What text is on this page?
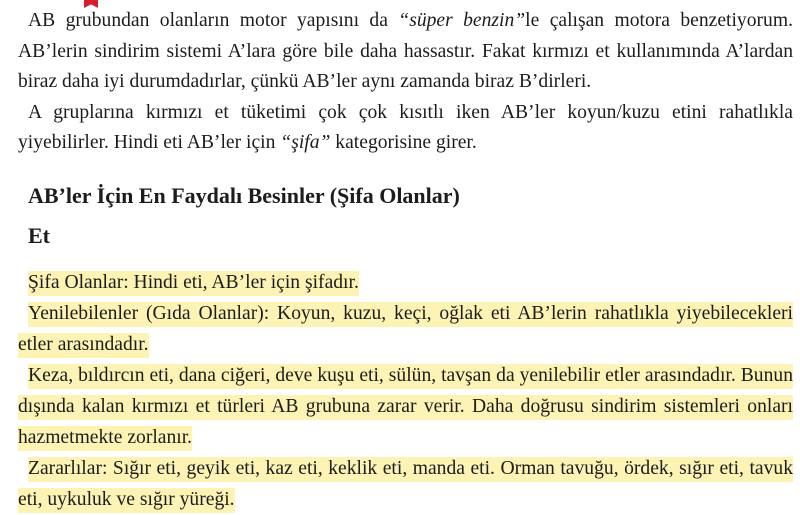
AB grubundan olanların motor yapısını da “süper benzin”le çalışan motora benzetiyorum. AB’lerin sindirim sistemi A’lara göre bile daha hassastır. Fakat kırmızı et kullanımında A’lardan biraz daha iyi durumdadırlar, çünkü AB’ler aynı zamanda biraz B’dirleri.

A gruplarına kırmızı et tüketimi çok çok kısıtlı iken AB’ler koyun/kuzu etini rahatlıkla yiyebilirler. Hindi eti AB’ler için “şifa” kategorisine girer.

AB’ler İçin En Faydalı Besinler (Şifa Olanlar)
Et

Şifa Olanlar: Hindi eti, AB’ler için şifadır.

Yenilebilenler (Gıda Olanlar): Koyun, kuzu, keçi, oğlak eti AB’lerin rahatlıkla yiyebilecekleri etler arasındadır.

Keza, bıldırcın eti, dana ciğeri, deve kuşu eti, sülün, tavşan da yenilebilir etler arasındadır. Bunun dışında kalan kırmızı et türleri AB grubuna zarar verir. Daha doğrusu sindirim sistemleri onları hazmetmekte zorlanır.

Zararlılar: Sığır eti, geyik eti, kaz eti, keklik eti, manda eti. Orman tavuğu, ördek, sığır eti, tavuk eti, uykuluk ve sığır yüreği.
